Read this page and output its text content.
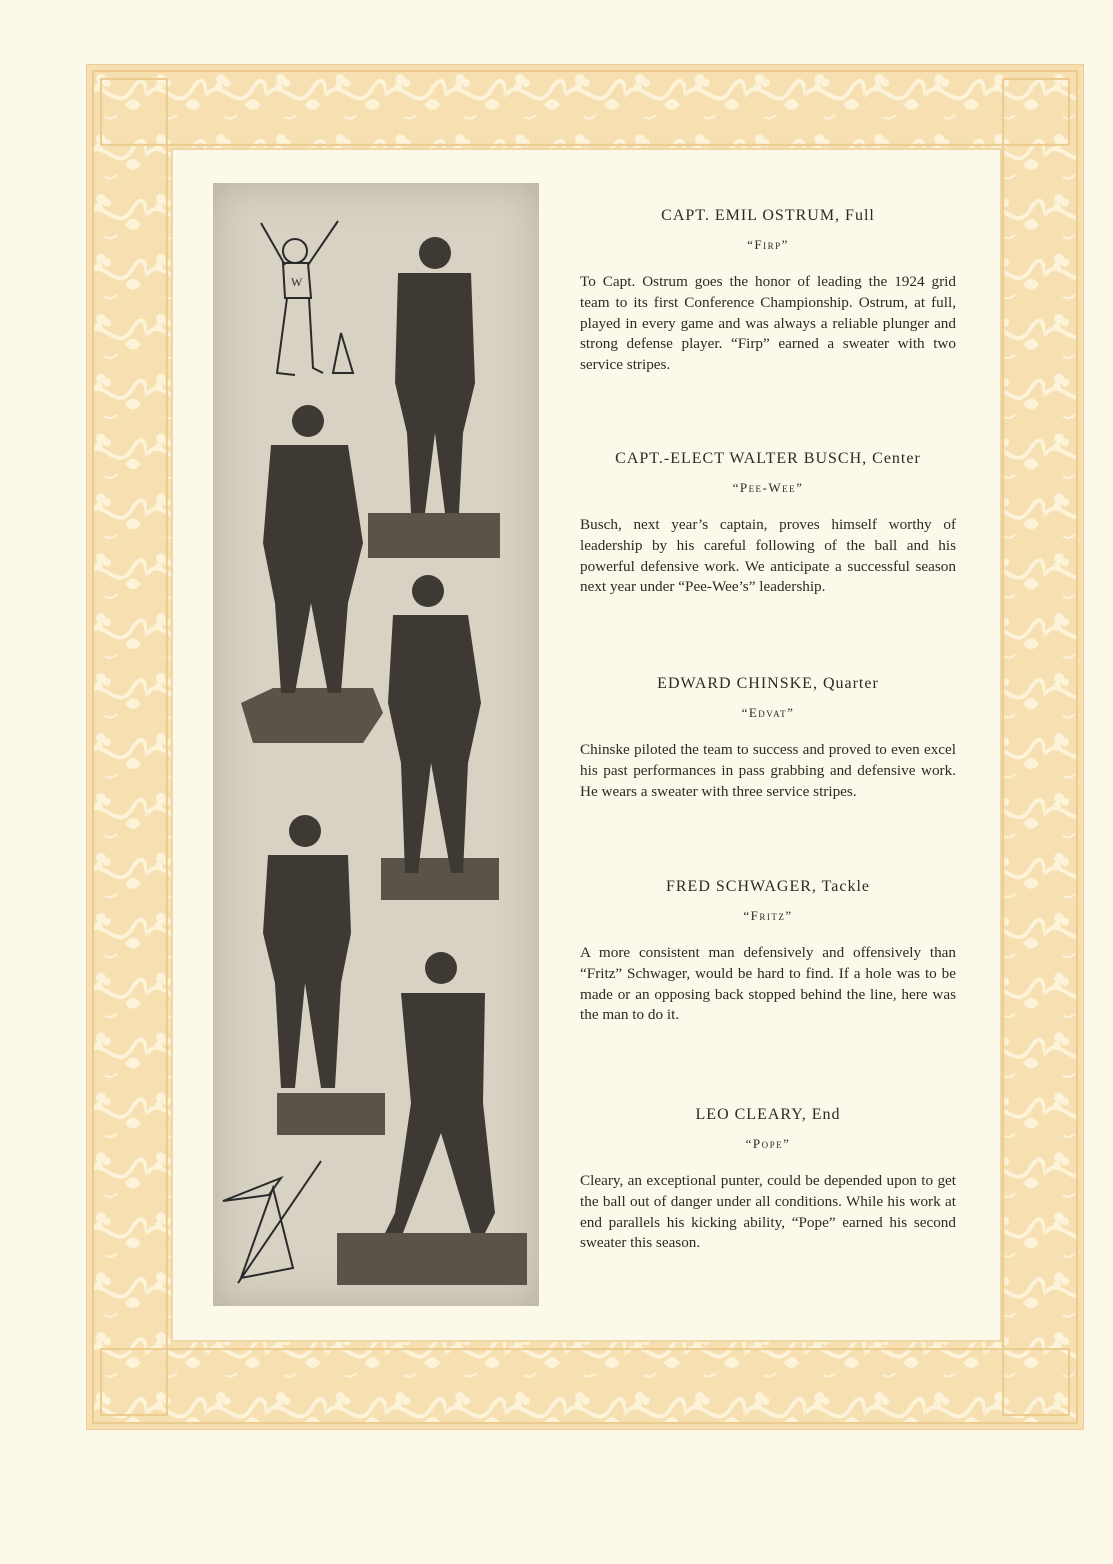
W
CAPT. EMIL OSTRUM, Full
“Firp”
To Capt. Ostrum goes the honor of leading the 1924 grid team to its first Conference Championship. Ostrum, at full, played in every game and was always a reliable plunger and strong defense player. “Firp” earned a sweater with two service stripes.
CAPT.-ELECT WALTER BUSCH, Center
“Pee-Wee”
Busch, next year’s captain, proves himself worthy of leadership by his careful following of the ball and his powerful defensive work. We anticipate a successful season next year under “Pee-Wee’s” leadership.
EDWARD CHINSKE, Quarter
“Edvat”
Chinske piloted the team to success and proved to even excel his past performances in pass grabbing and defensive work. He wears a sweater with three service stripes.
FRED SCHWAGER, Tackle
“Fritz”
A more consistent man defensively and offensively than “Fritz” Schwager, would be hard to find. If a hole was to be made or an opposing back stopped behind the line, here was the man to do it.
LEO CLEARY, End
“Pope”
Cleary, an exceptional punter, could be depended upon to get the ball out of danger under all conditions. While his work at end parallels his kicking ability, “Pope” earned his second sweater this season.
